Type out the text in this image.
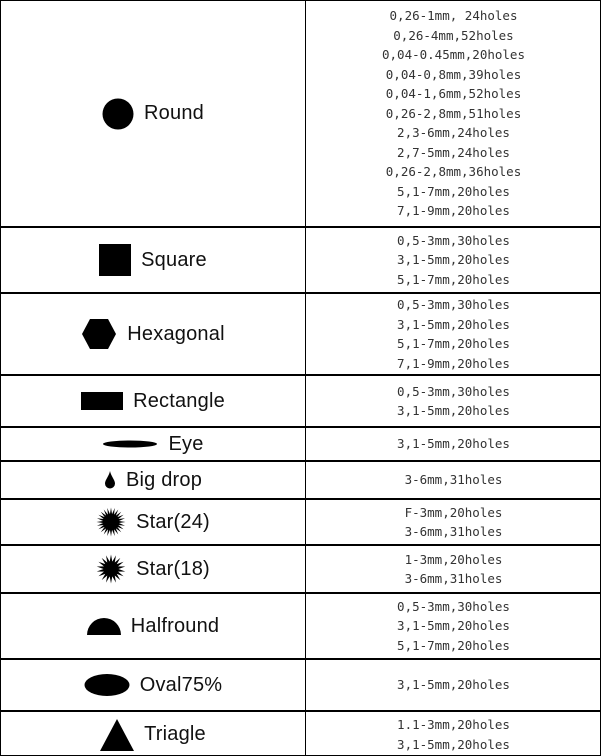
Round
0,26-1mm, 24holes
0,26-4mm,52holes
0,04-0.45mm,20holes
0,04-0,8mm,39holes
0,04-1,6mm,52holes
0,26-2,8mm,51holes
2,3-6mm,24holes
2,7-5mm,24holes
0,26-2,8mm,36holes
5,1-7mm,20holes
7,1-9mm,20holes
Square
0,5-3mm,30holes
3,1-5mm,20holes
5,1-7mm,20holes
Hexagonal
0,5-3mm,30holes
3,1-5mm,20holes
5,1-7mm,20holes
7,1-9mm,20holes
Rectangle	0,5-3mm,30holes
3,1-5mm,20holes
Eye	3,1-5mm,20holes
Big drop	3-6mm,31holes
Star(24)	F-3mm,20holes
3-6mm,31holes
Star(18)	1-3mm,20holes
3-6mm,31holes
Halfround
0,5-3mm,30holes
3,1-5mm,20holes
5,1-7mm,20holes
Oval75%	3,1-5mm,20holes
Triagle	1.1-3mm,20holes
3,1-5mm,20holes
